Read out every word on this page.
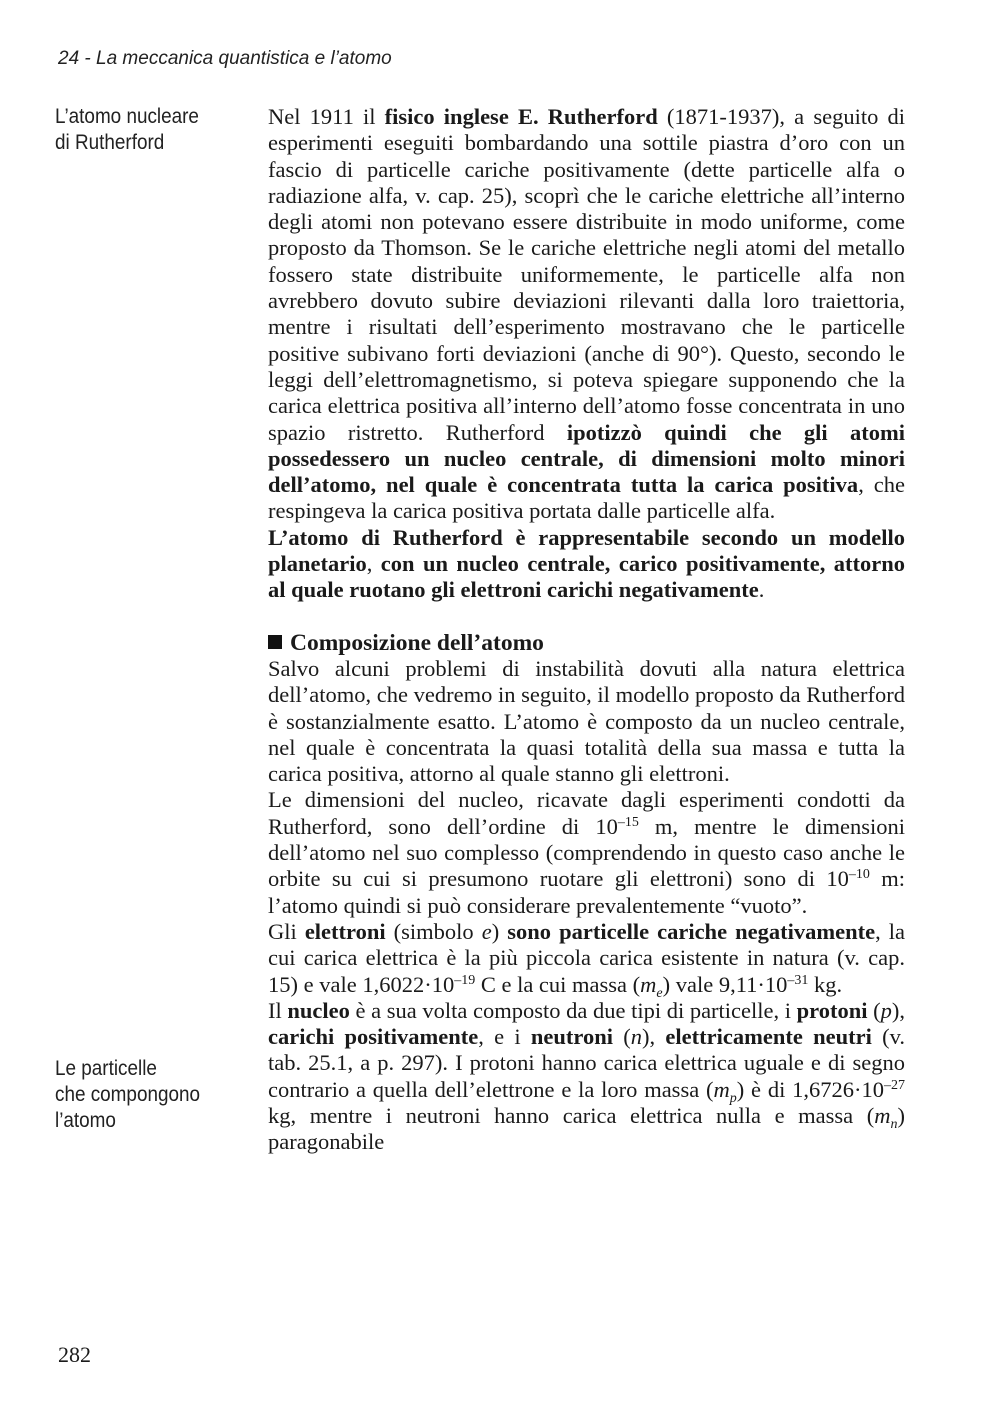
24 - La meccanica quantistica e l’atomo
L’atomo nucleare
di Rutherford
Le particelle
che compongono
l’atomo

Nel 1911 il fisico inglese E. Rutherford (1871-1937), a seguito di esperimenti eseguiti bombardando una sottile piastra d’oro con un fascio di particelle cariche positivamente (dette particelle alfa o radiazione alfa, v. cap. 25), scoprì che le cariche elettriche all’interno degli atomi non potevano essere distribuite in modo uniforme, come proposto da Thomson. Se le cariche elettriche negli atomi del metallo fossero state distribuite uniformemente, le particelle alfa non avrebbero dovuto subire deviazioni rilevanti dalla loro traiettoria, mentre i risultati dell’esperimento mostravano che le particelle positive subivano forti deviazioni (anche di 90°). Questo, secondo le leggi dell’elettromagnetismo, si poteva spiegare supponendo che la carica elettrica positiva all’interno dell’atomo fosse concentrata in uno spazio ristretto. Rutherford ipotizzò quindi che gli atomi possedessero un nucleo centrale, di dimensioni molto minori dell’atomo, nel quale è concentrata tutta la carica positiva, che respingeva la carica positiva portata dalle particelle alfa.

L’atomo di Rutherford è rappresentabile secondo un modello planetario, con un nucleo centrale, carico positivamente, attorno al quale ruotano gli elettroni carichi negativamente.

Composizione dell’atomo

Salvo alcuni problemi di instabilità dovuti alla natura elettrica dell’atomo, che vedremo in seguito, il modello proposto da Rutherford è sostanzialmente esatto. L’atomo è composto da un nucleo centrale, nel quale è concentrata la quasi totalità della sua massa e tutta la carica positiva, attorno al quale stanno gli elettroni.

Le dimensioni del nucleo, ricavate dagli esperimenti condotti da Rutherford, sono dell’ordine di $10^{-15}$ m, mentre le dimensioni dell’atomo nel suo complesso (comprendendo in questo caso anche le orbite su cui si presumono ruotare gli elettroni) sono di $10^{-10}$ m: l’atomo quindi si può considerare prevalentemente “vuoto”.

Gli elettroni (simbolo e) sono particelle cariche negativamente, la cui carica elettrica è la più piccola carica esistente in natura (v. cap. 15) e vale $1,6022\cdot 10^{-19}$ C e la cui massa $(m_e)$ vale $9,11\cdot 10^{-31}$ kg.

Il nucleo è a sua volta composto da due tipi di particelle, i protoni (p), carichi positivamente, e i neutroni (n), elettricamente neutri (v. tab. 25.1, a p. 297). I protoni hanno carica elettrica uguale e di segno contrario a quella dell’elettrone e la loro massa $(m_p)$ è di $1,6726\cdot 10^{-27}$ kg, mentre i neutroni hanno carica elettrica nulla e massa $(m_n)$ paragonabile

282
